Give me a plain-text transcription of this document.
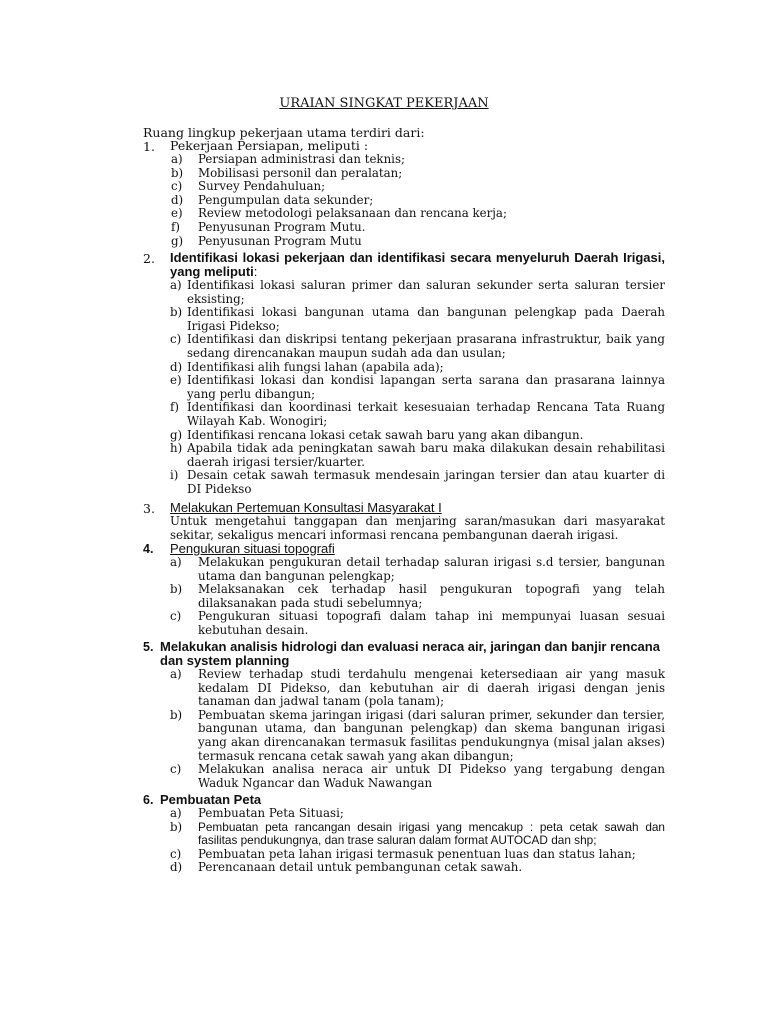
URAIAN SINGKAT PEKERJAAN
Ruang lingkup pekerjaan utama terdiri dari:
1. Pekerjaan Persiapan, meliputi :
a) Persiapan administrasi dan teknis;
b) Mobilisasi personil dan peralatan;
c) Survey Pendahuluan;
d) Pengumpulan data sekunder;
e) Review metodologi pelaksanaan dan rencana kerja;
f) Penyusunan Program Mutu.
g) Penyusunan Program Mutu
2. Identifikasi lokasi pekerjaan dan identifikasi secara menyeluruh Daerah Irigasi, yang meliputi:
a) Identifikasi lokasi saluran primer dan saluran sekunder serta saluran tersier eksisting;
b) Identifikasi lokasi bangunan utama dan bangunan pelengkap pada Daerah Irigasi Pidekso;
c) Identifikasi dan diskripsi tentang pekerjaan prasarana infrastruktur, baik yang sedang direncanakan maupun sudah ada dan usulan;
d) Identifikasi alih fungsi lahan (apabila ada);
e) Identifikasi lokasi dan kondisi lapangan serta sarana dan prasarana lainnya yang perlu dibangun;
f) Identifikasi dan koordinasi terkait kesesuaian terhadap Rencana Tata Ruang Wilayah Kab. Wonogiri;
g) Identifikasi rencana lokasi cetak sawah baru yang akan dibangun.
h) Apabila tidak ada peningkatan sawah baru maka dilakukan desain rehabilitasi daerah irigasi tersier/kuarter.
i) Desain cetak sawah termasuk mendesain jaringan tersier dan atau kuarter di DI Pidekso
3. Melakukan Pertemuan Konsultasi Masyarakat I
Untuk mengetahui tanggapan dan menjaring saran/masukan dari masyarakat sekitar, sekaligus mencari informasi rencana pembangunan daerah irigasi.
4. Pengukuran situasi topografi
a) Melakukan pengukuran detail terhadap saluran irigasi s.d tersier, bangunan utama dan bangunan pelengkap;
b) Melaksanakan cek terhadap hasil pengukuran topografi yang telah dilaksanakan pada studi sebelumnya;
c) Pengukuran situasi topografi dalam tahap ini mempunyai luasan sesuai kebutuhan desain.
5. Melakukan analisis hidrologi dan evaluasi neraca air, jaringan dan banjir rencana dan system planning
a) Review terhadap studi terdahulu mengenai ketersediaan air yang masuk kedalam DI Pidekso, dan kebutuhan air di daerah irigasi dengan jenis tanaman dan jadwal tanam (pola tanam);
b) Pembuatan skema jaringan irigasi (dari saluran primer, sekunder dan tersier, bangunan utama, dan bangunan pelengkap) dan skema bangunan irigasi yang akan direncanakan termasuk fasilitas pendukungnya (misal jalan akses) termasuk rencana cetak sawah yang akan dibangun;
c) Melakukan analisa neraca air untuk DI Pidekso yang tergabung dengan Waduk Ngancar dan Waduk Nawangan
6. Pembuatan Peta
a) Pembuatan Peta Situasi;
b) Pembuatan peta rancangan desain irigasi yang mencakup : peta cetak sawah dan fasilitas pendukungnya, dan trase saluran dalam format AUTOCAD dan shp;
c) Pembuatan peta lahan irigasi termasuk penentuan luas dan status lahan;
d) Perencanaan detail untuk pembangunan cetak sawah.
